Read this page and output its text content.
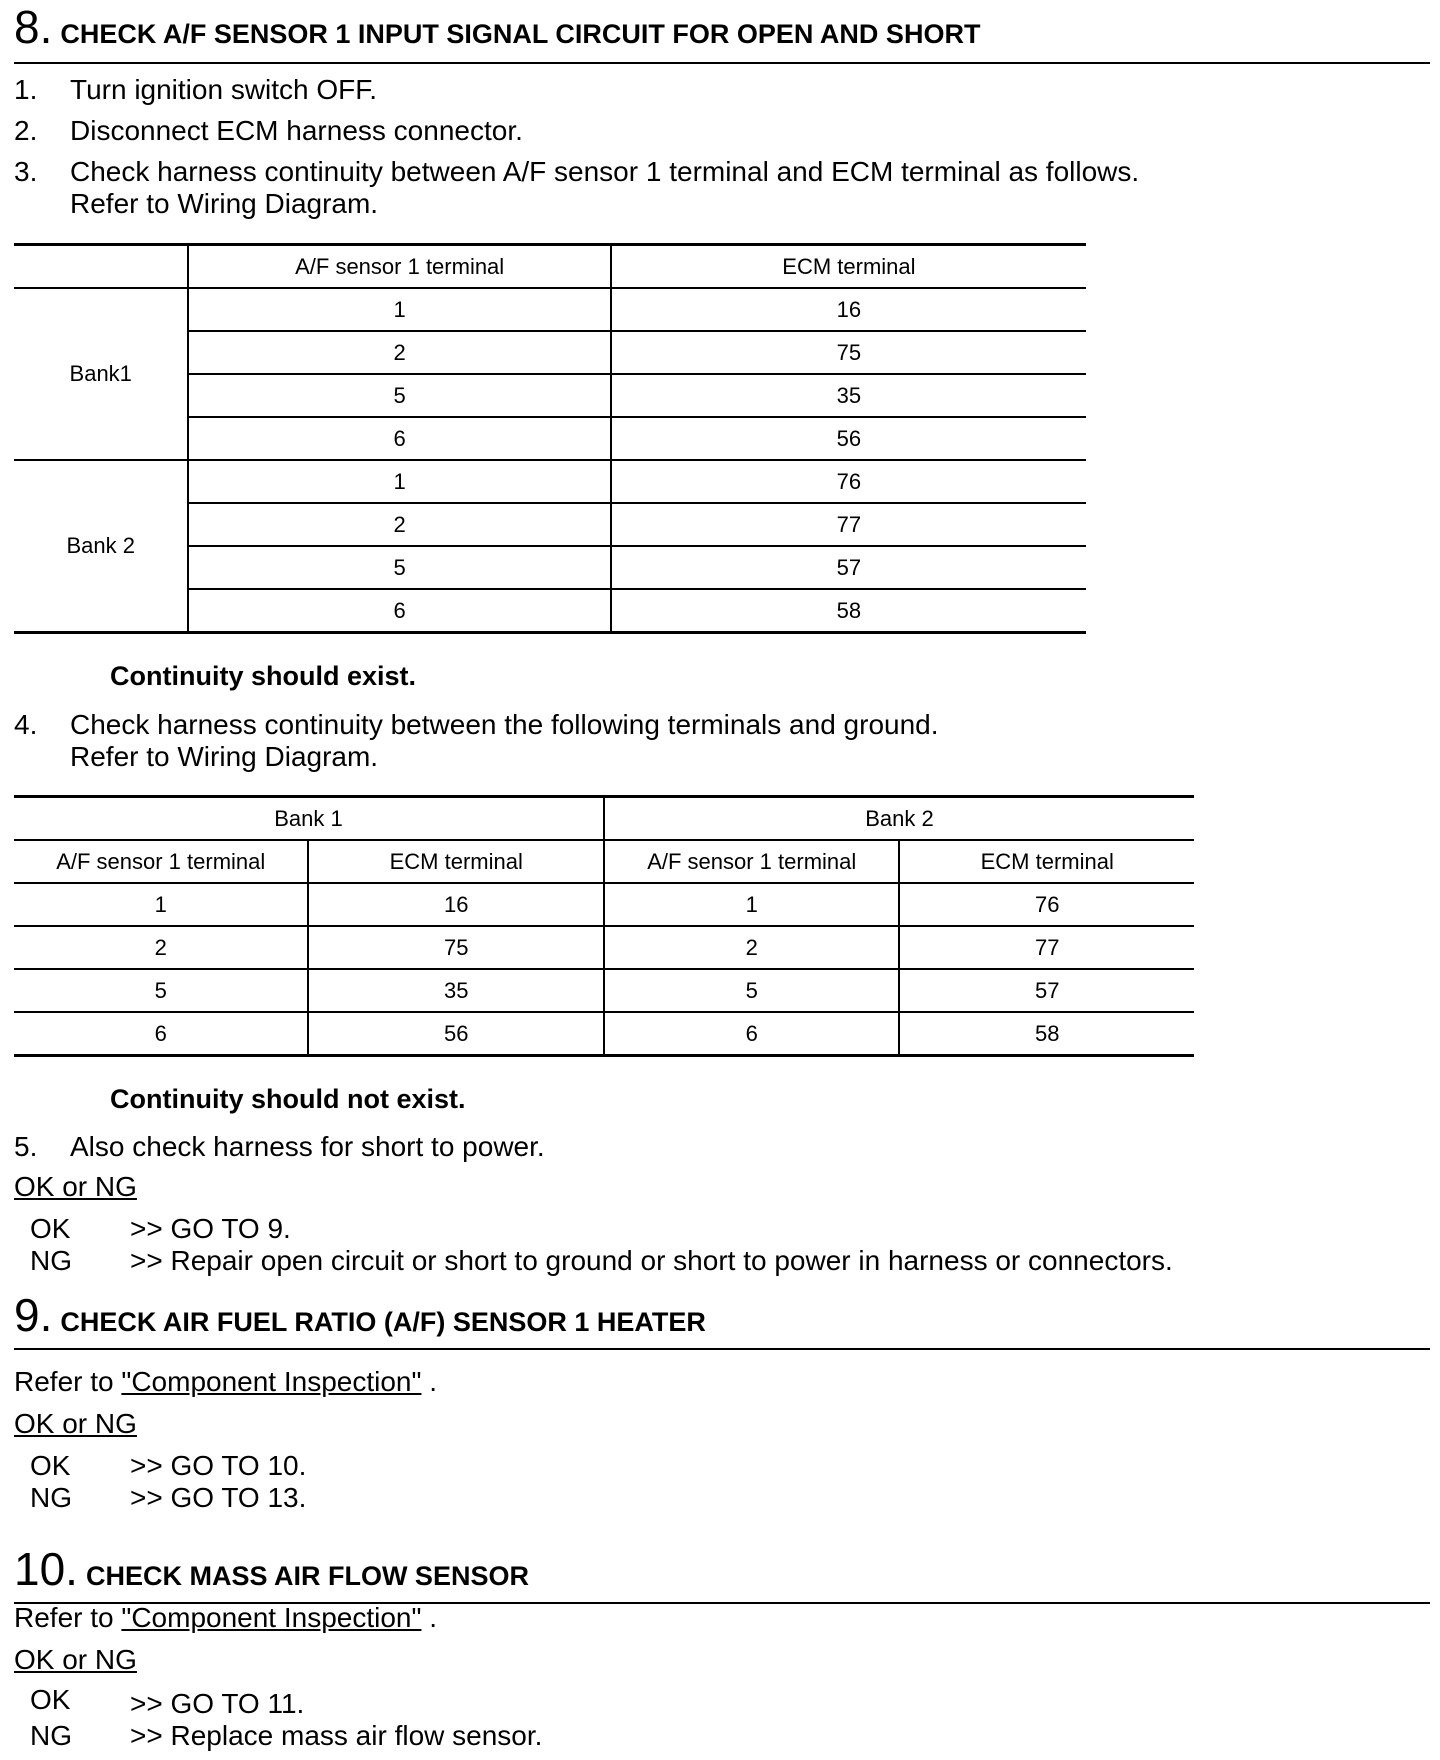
8. CHECK A/F SENSOR 1 INPUT SIGNAL CIRCUIT FOR OPEN AND SHORT
1. Turn ignition switch OFF.
2. Disconnect ECM harness connector.
3. Check harness continuity between A/F sensor 1 terminal and ECM terminal as follows.
Refer to Wiring Diagram.
	A/F sensor 1 terminal	ECM terminal
Bank1	1	16
	2	75
	5	35
	6	56
Bank 2	1	76
	2	77
	5	57
	6	58
Continuity should exist.
4. Check harness continuity between the following terminals and ground.
Refer to Wiring Diagram.
Bank 1		Bank 2	
A/F sensor 1 terminal	ECM terminal	A/F sensor 1 terminal	ECM terminal
1	16	1	76
2	75	2	77
5	35	5	57
6	56	6	58
Continuity should not exist.
5. Also check harness for short to power.
OK or NG
OK >> GO TO 9.
NG >> Repair open circuit or short to ground or short to power in harness or connectors.
9. CHECK AIR FUEL RATIO (A/F) SENSOR 1 HEATER
Refer to "Component Inspection" .
OK or NG
OK >> GO TO 10.
NG >> GO TO 13.
10. CHECK MASS AIR FLOW SENSOR
Refer to "Component Inspection" .
OK or NG
OK >> GO TO 11.
NG >> Replace mass air flow sensor.
